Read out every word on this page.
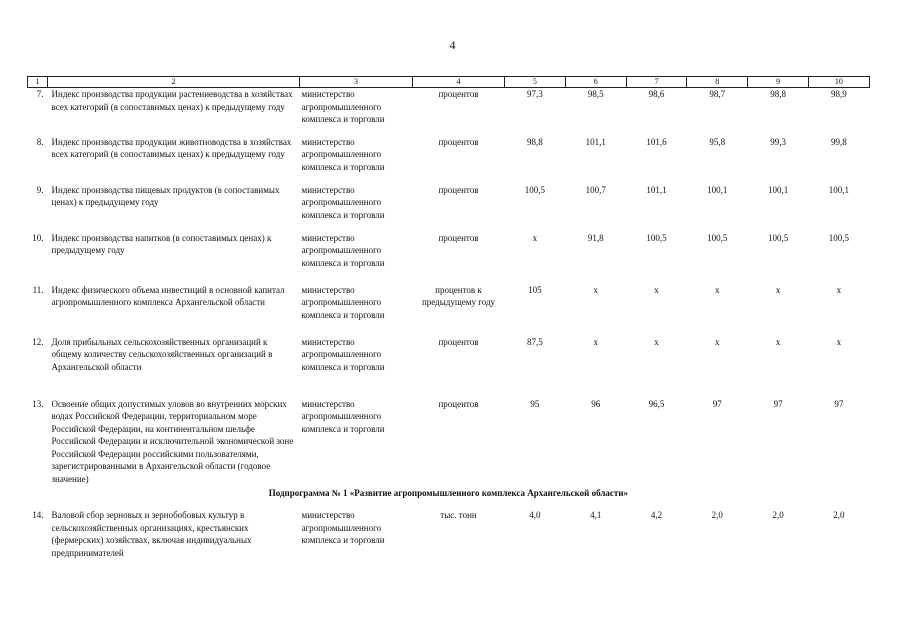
4
1	2	3	4	5	6	7	8	9	10
7.	Индекс производства продукции растениеводства в хозяйствах всех категорий (в сопоставимых ценах) к предыдущему году	министерство агропромышленного комплекса и торговли	процентов	97,3	98,5	98,6	98,7	98,8	98,9
8.	Индекс производства продукции животноводства в хозяйствах всех категорий (в сопоставимых ценах) к предыдущему году	министерство агропромышленного комплекса и торговли	процентов	98,8	101,1	101,6	95,8	99,3	99,8
9.	Индекс производства пищевых продуктов (в сопоставимых ценах) к предыдущему году	министерство агропромышленного комплекса и торговли	процентов	100,5	100,7	101,1	100,1	100,1	100,1
10.	Индекс производства напитков (в сопоставимых ценах) к предыдущему году	министерство агропромышленного комплекса и торговли	процентов	x	91,8	100,5	100,5	100,5	100,5
11.	Индекс физического объема инвестиций в основной капитал агропромышленного комплекса Архангельской области	министерство агропромышленного комплекса и торговли	процентов к предыдущему году	105	x	x	x	x	x
12.	Доля прибыльных сельскохозяйственных организаций к общему количеству сельскохозяйственных организаций в Архангельской области	министерство агропромышленного комплекса и торговли	процентов	87,5	x	x	x	x	x
13.	Освоение общих допустимых уловов во внутренних морских водах Российской Федерации, территориальном море Российской Федерации, на континентальном шельфе Российской Федерации и исключительной экономической зоне Российской Федерации российскими пользователями, зарегистрированными в Архангельской области (годовое значение)	министерство агропромышленного комплекса и торговли	процентов	95	96	96,5	97	97	97
Подпрограмма № 1 «Развитие агропромышленного комплекса Архангельской области»									
14.	Валовой сбор зерновых и зернобобовых культур в сельскохозяйственных организациях, крестьянских (фермерских) хозяйствах, включая индивидуальных предпринимателей	министерство агропромышленного комплекса и торговли	тыс. тонн	4,0	4,1	4,2	2,0	2,0	2,0
